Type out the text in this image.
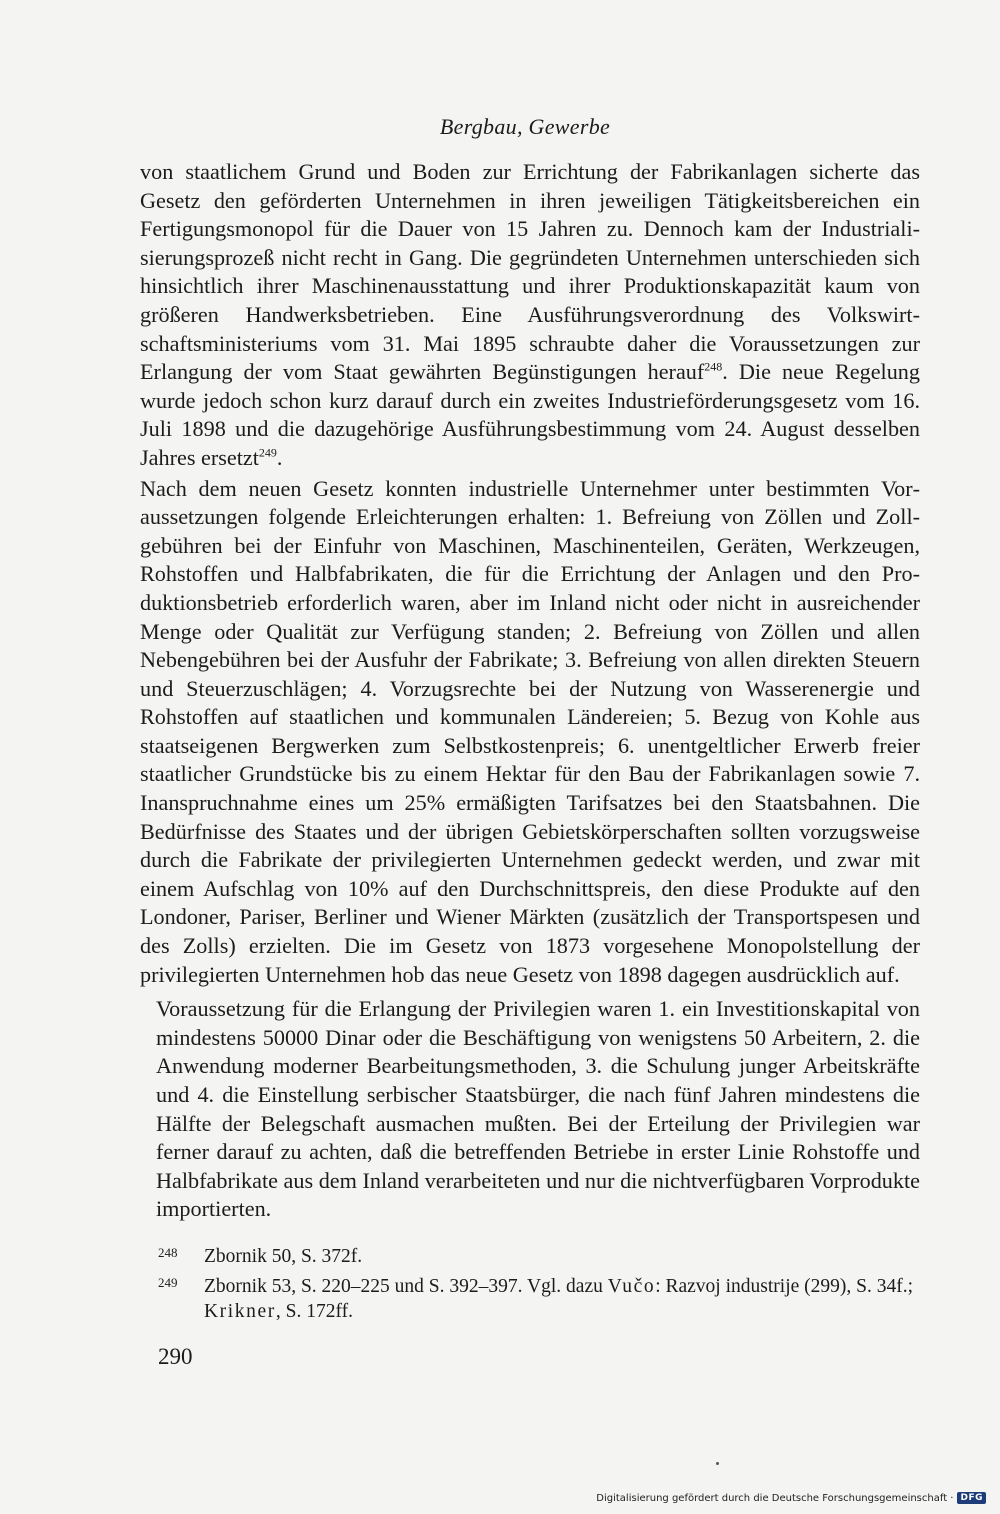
Bergbau, Gewerbe

von staatlichem Grund und Boden zur Errichtung der Fabrikanlagen sicherte das Gesetz den geförderten Unternehmen in ihren jeweiligen Tätigkeitsbereichen ein Fertigungsmonopol für die Dauer von 15 Jahren zu. Dennoch kam der Industrialisierungsprozeß nicht recht in Gang. Die gegründeten Unternehmen unterschieden sich hinsichtlich ihrer Maschinenausstattung und ihrer Produktionskapazität kaum von größeren Handwerksbetrieben. Eine Ausführungsverordnung des Volkswirtschaftsministeriums vom 31. Mai 1895 schraubte daher die Voraussetzungen zur Erlangung der vom Staat gewährten Begünstigungen herauf$^{248}$. Die neue Regelung wurde jedoch schon kurz darauf durch ein zweites Industrieförderungsgesetz vom 16. Juli 1898 und die dazugehörige Ausführungsbestimmung vom 24. August desselben Jahres ersetzt$^{249}$.

Nach dem neuen Gesetz konnten industrielle Unternehmer unter bestimmten Voraussetzungen folgende Erleichterungen erhalten: 1. Befreiung von Zöllen und Zollgebühren bei der Einfuhr von Maschinen, Maschinenteilen, Geräten, Werkzeugen, Rohstoffen und Halbfabrikaten, die für die Errichtung der Anlagen und den Produktionsbetrieb erforderlich waren, aber im Inland nicht oder nicht in ausreichender Menge oder Qualität zur Verfügung standen; 2. Befreiung von Zöllen und allen Nebengebühren bei der Ausfuhr der Fabrikate; 3. Befreiung von allen direkten Steuern und Steuerzuschlägen; 4. Vorzugsrechte bei der Nutzung von Wasserenergie und Rohstoffen auf staatlichen und kommunalen Ländereien; 5. Bezug von Kohle aus staatseigenen Bergwerken zum Selbstkostenpreis; 6. unentgeltlicher Erwerb freier staatlicher Grundstücke bis zu einem Hektar für den Bau der Fabrikanlagen sowie 7. Inanspruchnahme eines um 25% ermäßigten Tarifsatzes bei den Staatsbahnen. Die Bedürfnisse des Staates und der übrigen Gebietskörperschaften sollten vorzugsweise durch die Fabrikate der privilegierten Unternehmen gedeckt werden, und zwar mit einem Aufschlag von 10% auf den Durchschnittspreis, den diese Produkte auf den Londoner, Pariser, Berliner und Wiener Märkten (zusätzlich der Transportspesen und des Zolls) erzielten. Die im Gesetz von 1873 vorgesehene Monopolstellung der privilegierten Unternehmen hob das neue Gesetz von 1898 dagegen ausdrücklich auf.

Voraussetzung für die Erlangung der Privilegien waren 1. ein Investitionskapital von mindestens 50000 Dinar oder die Beschäftigung von wenigstens 50 Arbeitern, 2. die Anwendung moderner Bearbeitungsmethoden, 3. die Schulung junger Arbeitskräfte und 4. die Einstellung serbischer Staatsbürger, die nach fünf Jahren mindestens die Hälfte der Belegschaft ausmachen mußten. Bei der Erteilung der Privilegien war ferner darauf zu achten, daß die betreffenden Betriebe in erster Linie Rohstoffe und Halbfabrikate aus dem Inland verarbeiteten und nur die nichtverfügbaren Vorprodukte importierten.

248 Zbornik 50, S. 372f.
249 Zbornik 53, S. 220–225 und S. 392–397. Vgl. dazu Vučo: Razvoj industrije (299), S. 34f.; Krikner, S. 172ff.
290
Digitalisierung gefördert durch die Deutsche Forschungsgemeinschaft · DFG
